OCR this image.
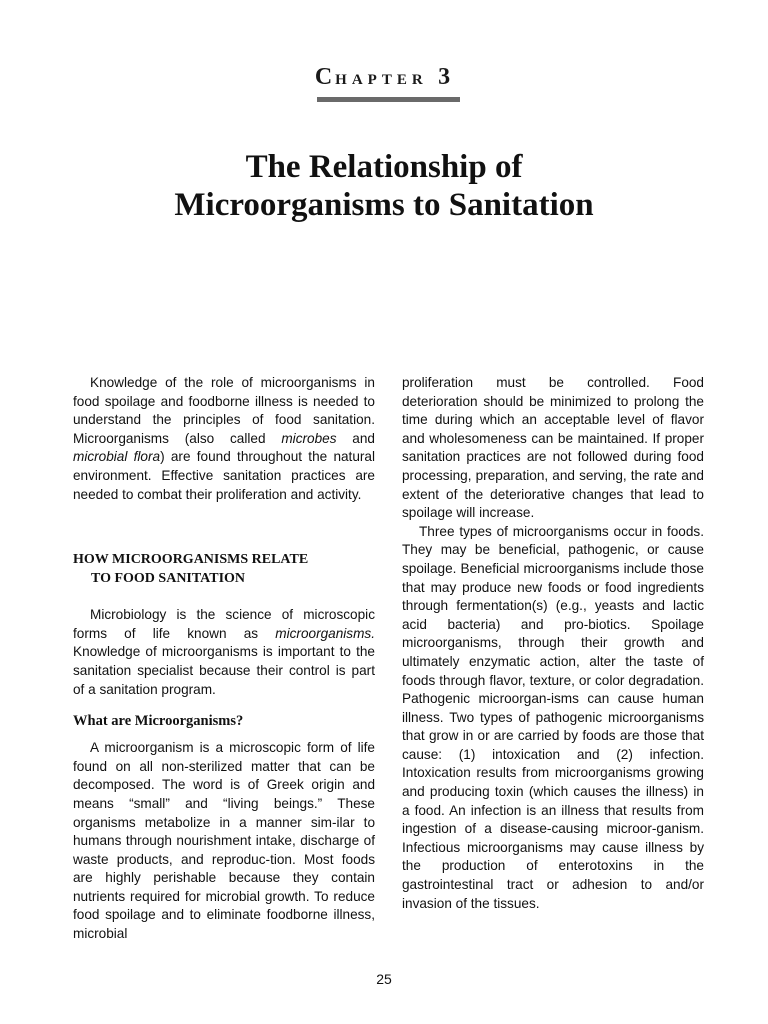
CHAPTER 3
The Relationship of
Microorganisms to Sanitation

Knowledge of the role of microorganisms in food spoilage and foodborne illness is needed to understand the principles of food sanitation. Microorganisms (also called microbes and microbial flora) are found throughout the natural environment. Effective sanitation practices are needed to combat their proliferation and activity.

HOW MICROORGANISMS RELATE
TO FOOD SANITATION

Microbiology is the science of microscopic forms of life known as microorganisms. Knowledge of microorganisms is important to the sanitation specialist because their control is part of a sanitation program.

What are Microorganisms?

A microorganism is a microscopic form of life found on all non-sterilized matter that can be decomposed. The word is of Greek origin and means “small” and “living beings.” These organisms metabolize in a manner sim-ilar to humans through nourishment intake, discharge of waste products, and reproduc-tion. Most foods are highly perishable because they contain nutrients required for microbial growth. To reduce food spoilage and to eliminate foodborne illness, microbial

proliferation must be controlled. Food deterioration should be minimized to prolong the time during which an acceptable level of flavor and wholesomeness can be maintained. If proper sanitation practices are not followed during food processing, preparation, and serving, the rate and extent of the deteriorative changes that lead to spoilage will increase.

Three types of microorganisms occur in foods. They may be beneficial, pathogenic, or cause spoilage. Beneficial microorganisms include those that may produce new foods or food ingredients through fermentation(s) (e.g., yeasts and lactic acid bacteria) and pro-biotics. Spoilage microorganisms, through their growth and ultimately enzymatic action, alter the taste of foods through flavor, texture, or color degradation. Pathogenic microorgan-isms can cause human illness. Two types of pathogenic microorganisms that grow in or are carried by foods are those that cause: (1) intoxication and (2) infection. Intoxication results from microorganisms growing and producing toxin (which causes the illness) in a food. An infection is an illness that results from ingestion of a disease-causing microor-ganism. Infectious microorganisms may cause illness by the production of enterotoxins in the gastrointestinal tract or adhesion to and/or invasion of the tissues.

25
